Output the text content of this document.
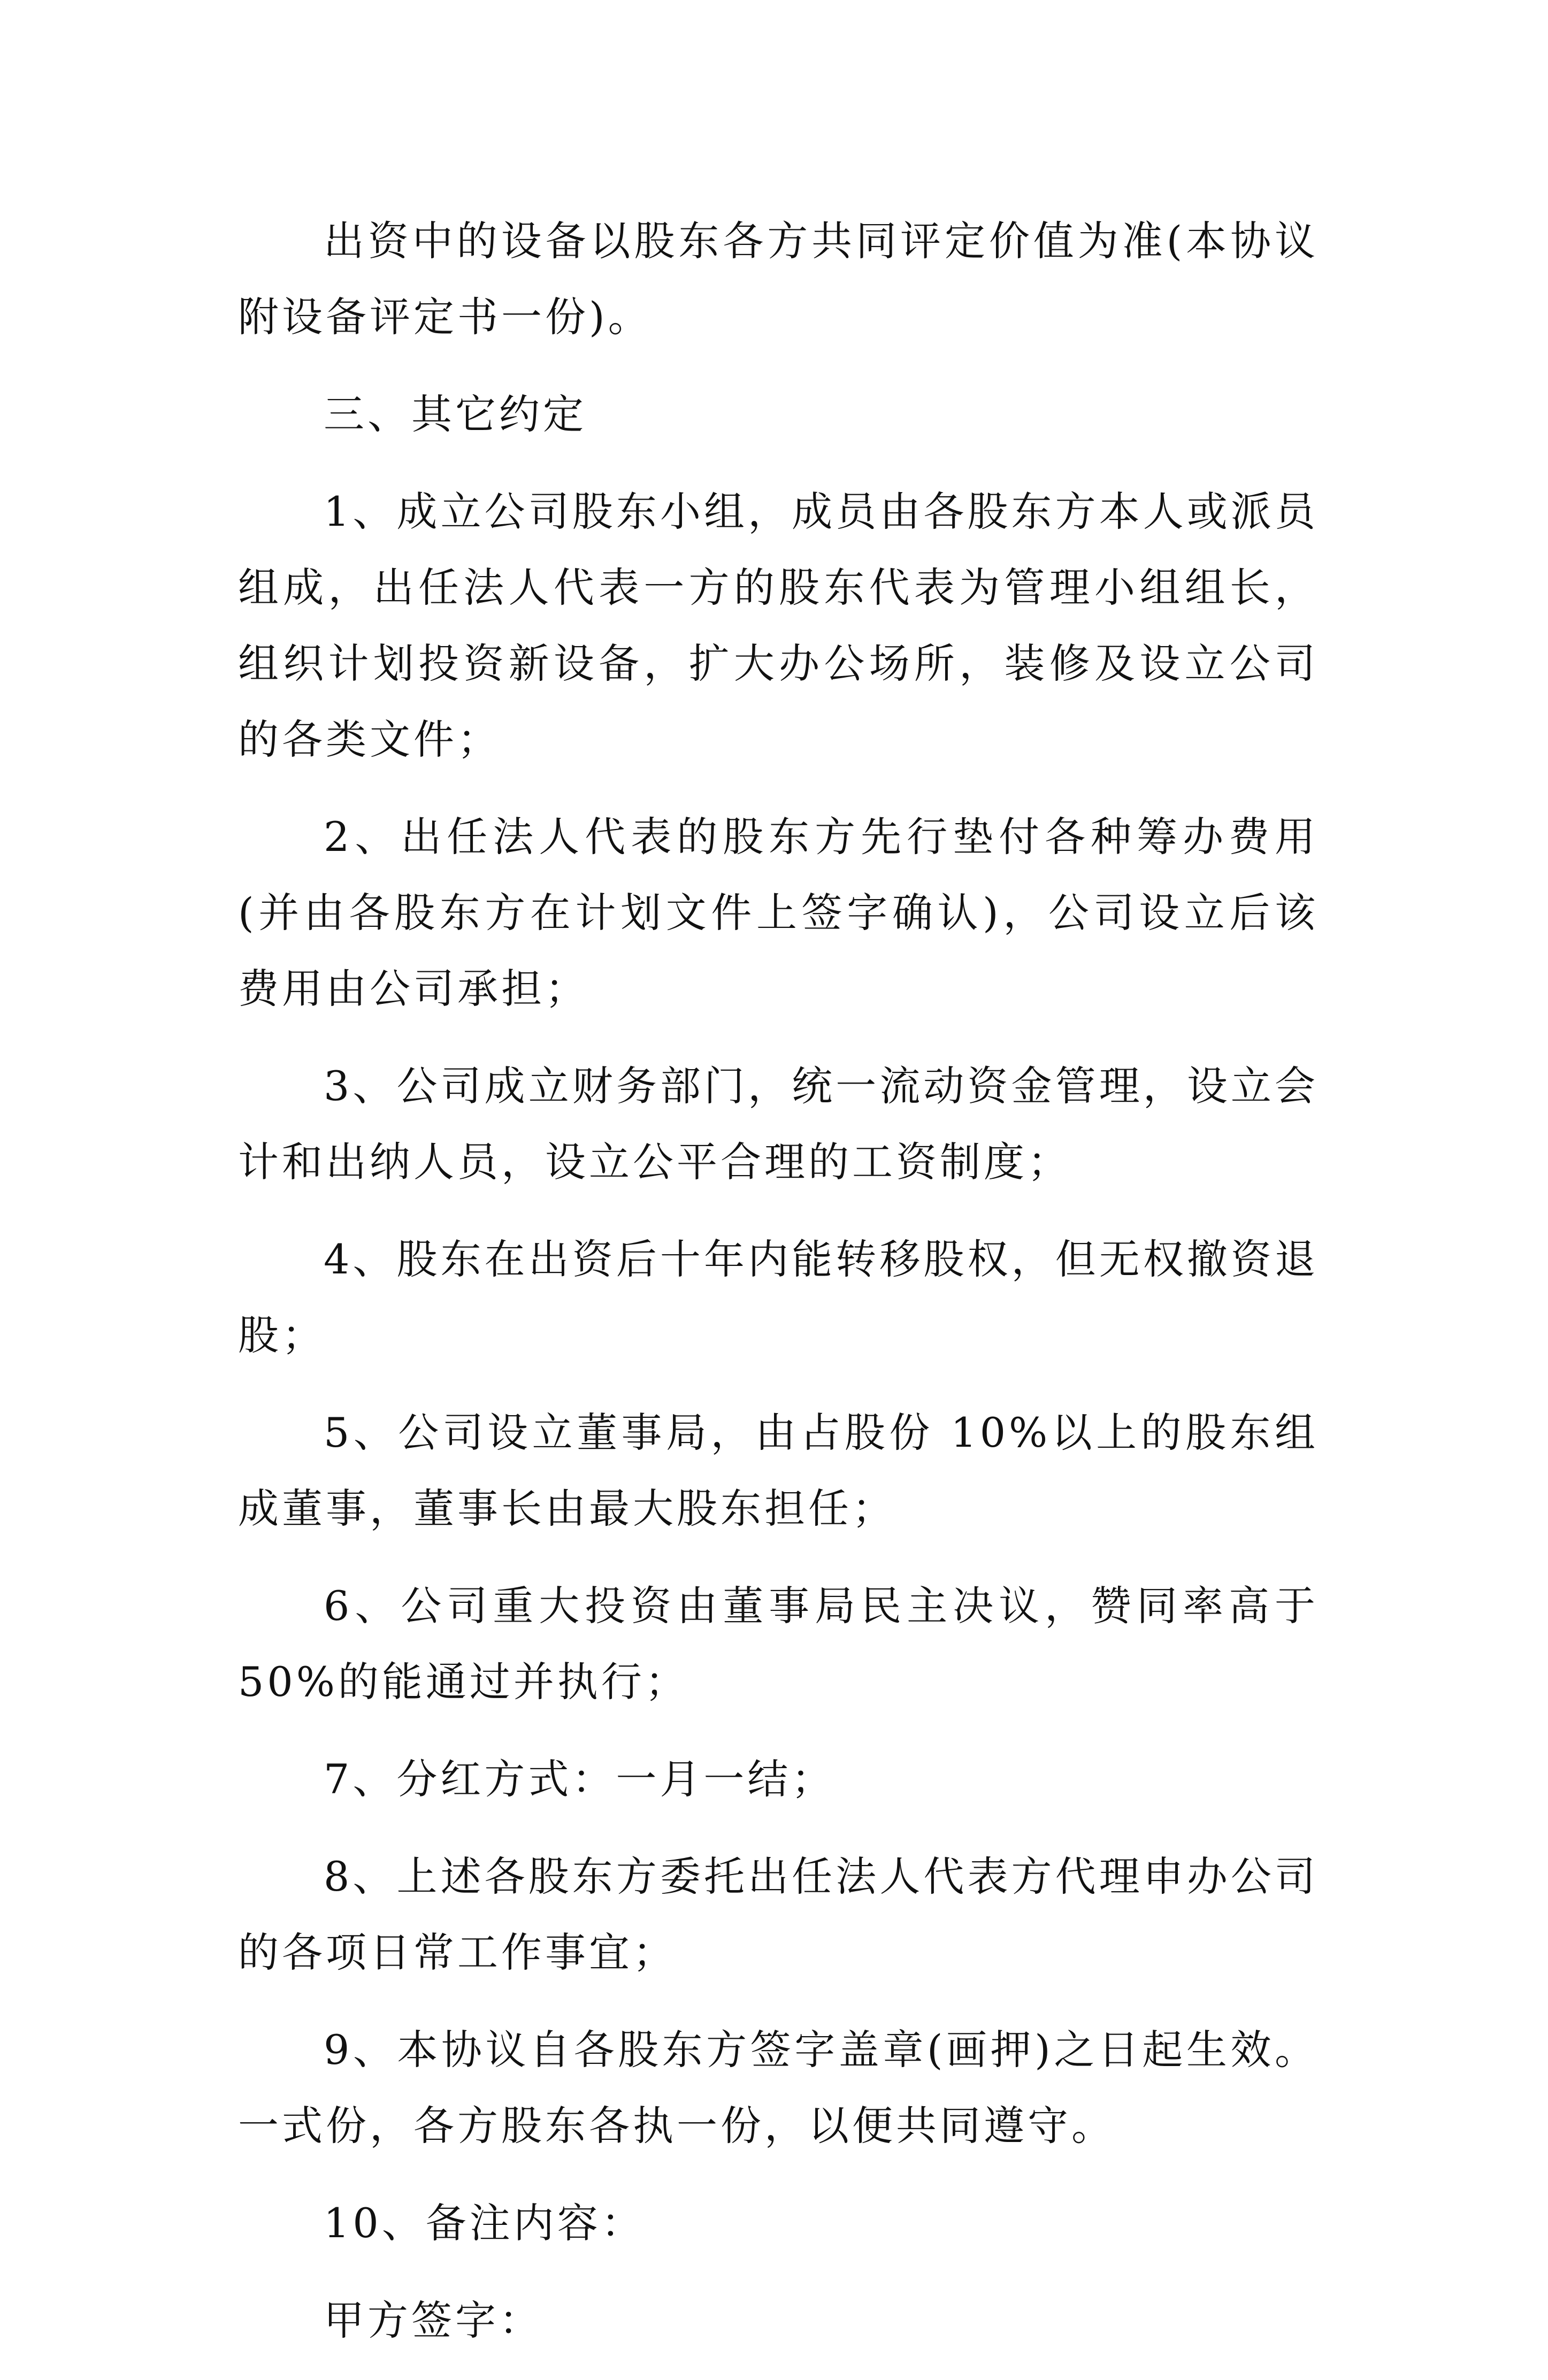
出资中的设备以股东各方共同评定价值为准(本协议附设备评定书一份)。

三、其它约定

1、成立公司股东小组，成员由各股东方本人或派员组成，出任法人代表一方的股东代表为管理小组组长， 组织计划投资新设备，扩大办公场所，装修及设立公司的各类文件；

2、出任法人代表的股东方先行垫付各种筹办费用(并由各股东方在计划文件上签字确认)，公司设立后该费用由公司承担；

3、公司成立财务部门，统一流动资金管理，设立会计和出纳人员，设立公平合理的工资制度；

4、股东在出资后十年内能转移股权，但无权撤资退股；

5、公司设立董事局，由占股份 10%以上的股东组成董事，董事长由最大股东担任；

6、公司重大投资由董事局民主决议，赞同率高于 50%的能通过并执行；

7、分红方式：一月一结；

8、上述各股东方委托出任法人代表方代理申办公司的各项日常工作事宜；

9、本协议自各股东方签字盖章(画押)之日起生效。一式份，各方股东各执一份，以便共同遵守。

10、备注内容：

甲方签字：
